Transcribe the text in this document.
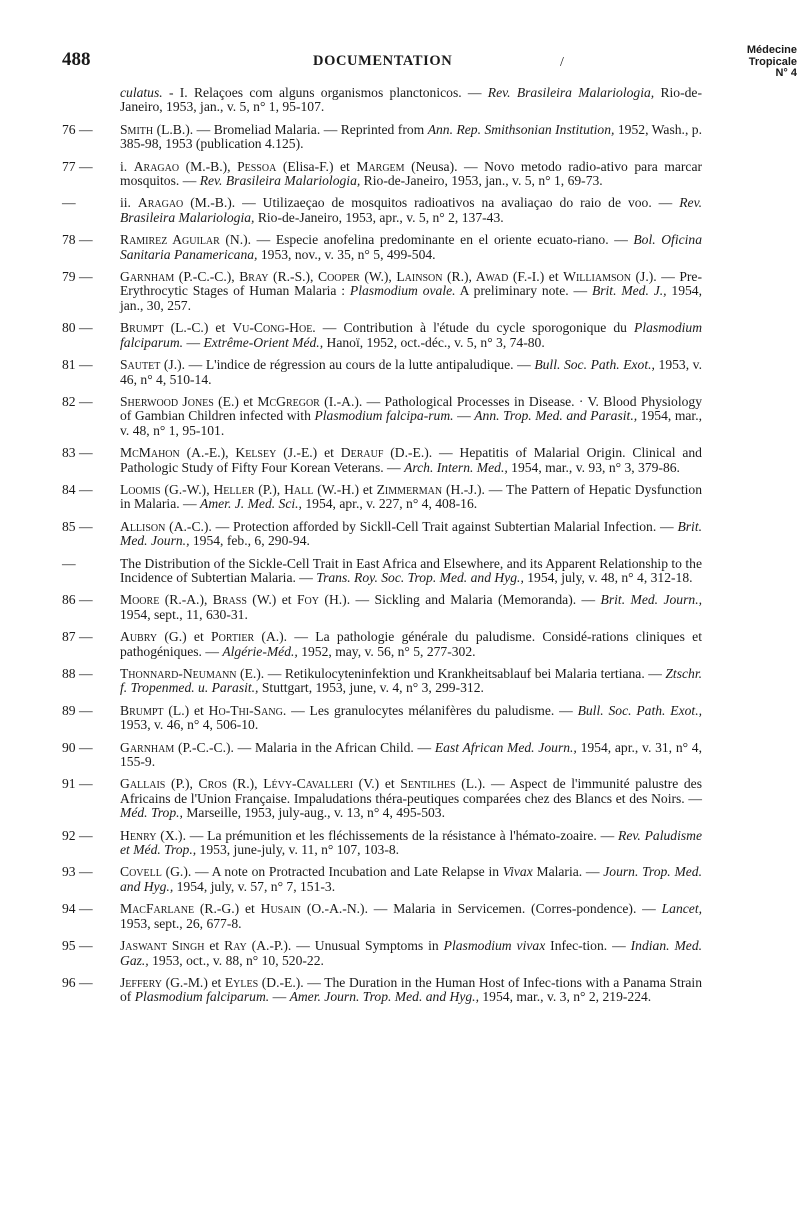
488	DOCUMENTATION	/
Médecine
Tropicale
N° 4
culatus. - I. Relaçoes com alguns organismos planctonicos. — Rev. Brasileira Malariologia, Rio-de-Janeiro, 1953, jan., v. 5, n° 1, 95-107.
76 —	Smith (L.B.). — Bromeliad Malaria. — Reprinted from Ann. Rep. Smithsonian Institution, 1952, Wash., p. 385-98, 1953 (publication 4.125).
77 —	i. Aragao (M.-B.), Pessoa (Elisa-F.) et Margem (Neusa). — Novo metodo radio-ativo para marcar mosquitos. — Rev. Brasileira Malariologia, Rio-de-Janeiro, 1953, jan., v. 5, n° 1, 69-73.
—	ii. Aragao (M.-B.). — Utilizaeçao de mosquitos radioativos na avaliaçao do raio de voo. — Rev. Brasileira Malariologia, Rio-de-Janeiro, 1953, apr., v. 5, n° 2, 137-43.
78 —	Ramirez Aguilar (N.). — Especie anofelina predominante en el oriente ecuato-riano. — Bol. Oficina Sanitaria Panamericana, 1953, nov., v. 35, n° 5, 499-504.
79 —	Garnham (P.-C.-C.), Bray (R.-S.), Cooper (W.), Lainson (R.), Awad (F.-I.) et Williamson (J.). — Pre-Erythrocytic Stages of Human Malaria : Plasmodium ovale. A preliminary note. — Brit. Med. J., 1954, jan., 30, 257.
80 —	Brumpt (L.-C.) et Vu-Cong-Hoe. — Contribution à l'étude du cycle sporogonique du Plasmodium falciparum. — Extrême-Orient Méd., Hanoï, 1952, oct.-déc., v. 5, n° 3, 74-80.
81 —	Sautet (J.). — L'indice de régression au cours de la lutte antipaludique. — Bull. Soc. Path. Exot., 1953, v. 46, n° 4, 510-14.
82 —	Sherwood Jones (E.) et McGregor (I.-A.). — Pathological Processes in Disease. · V. Blood Physiology of Gambian Children infected with Plasmodium falcipa-rum. — Ann. Trop. Med. and Parasit., 1954, mar., v. 48, n° 1, 95-101.
83 —	McMahon (A.-E.), Kelsey (J.-E.) et Derauf (D.-E.). — Hepatitis of Malarial Origin. Clinical and Pathologic Study of Fifty Four Korean Veterans. — Arch. Intern. Med., 1954, mar., v. 93, n° 3, 379-86.
84 —	Loomis (G.-W.), Heller (P.), Hall (W.-H.) et Zimmerman (H.-J.). — The Pattern of Hepatic Dysfunction in Malaria. — Amer. J. Med. Sci., 1954, apr., v. 227, n° 4, 408-16.
85 —	Allison (A.-C.). — Protection afforded by Sickll-Cell Trait against Subtertian Malarial Infection. — Brit. Med. Journ., 1954, feb., 6, 290-94.
—	The Distribution of the Sickle-Cell Trait in East Africa and Elsewhere, and its Apparent Relationship to the Incidence of Subtertian Malaria. — Trans. Roy. Soc. Trop. Med. and Hyg., 1954, july, v. 48, n° 4, 312-18.
86 —	Moore (R.-A.), Brass (W.) et Foy (H.). — Sickling and Malaria (Memoranda). — Brit. Med. Journ., 1954, sept., 11, 630-31.
87 —	Aubry (G.) et Portier (A.). — La pathologie générale du paludisme. Considé-rations cliniques et pathogéniques. — Algérie-Méd., 1952, may, v. 56, n° 5, 277-302.
88 —	Thonnard-Neumann (E.). — Retikulocyteninfektion und Krankheitsablauf bei Malaria tertiana. — Ztschr. f. Tropenmed. u. Parasit., Stuttgart, 1953, june, v. 4, n° 3, 299-312.
89 —	Brumpt (L.) et Ho-Thi-Sang. — Les granulocytes mélanifères du paludisme. — Bull. Soc. Path. Exot., 1953, v. 46, n° 4, 506-10.
90 —	Garnham (P.-C.-C.). — Malaria in the African Child. — East African Med. Journ., 1954, apr., v. 31, n° 4, 155-9.
91 —	Gallais (P.), Cros (R.), Lévy-Cavalleri (V.) et Sentilhes (L.). — Aspect de l'immunité palustre des Africains de l'Union Française. Impaludations théra-peutiques comparées chez des Blancs et des Noirs. — Méd. Trop., Marseille, 1953, july-aug., v. 13, n° 4, 495-503.
92 —	Henry (X.). — La prémunition et les fléchissements de la résistance à l'hémato-zoaire. — Rev. Paludisme et Méd. Trop., 1953, june-july, v. 11, n° 107, 103-8.
93 —	Covell (G.). — A note on Protracted Incubation and Late Relapse in Vivax Malaria. — Journ. Trop. Med. and Hyg., 1954, july, v. 57, n° 7, 151-3.
94 —	MacFarlane (R.-G.) et Husain (O.-A.-N.). — Malaria in Servicemen. (Corres-pondence). — Lancet, 1953, sept., 26, 677-8.
95 —	Jaswant Singh et Ray (A.-P.). — Unusual Symptoms in Plasmodium vivax Infec-tion. — Indian. Med. Gaz., 1953, oct., v. 88, n° 10, 520-22.
96 —	Jeffery (G.-M.) et Eyles (D.-E.). — The Duration in the Human Host of Infec-tions with a Panama Strain of Plasmodium falciparum. — Amer. Journ. Trop. Med. and Hyg., 1954, mar., v. 3, n° 2, 219-224.
